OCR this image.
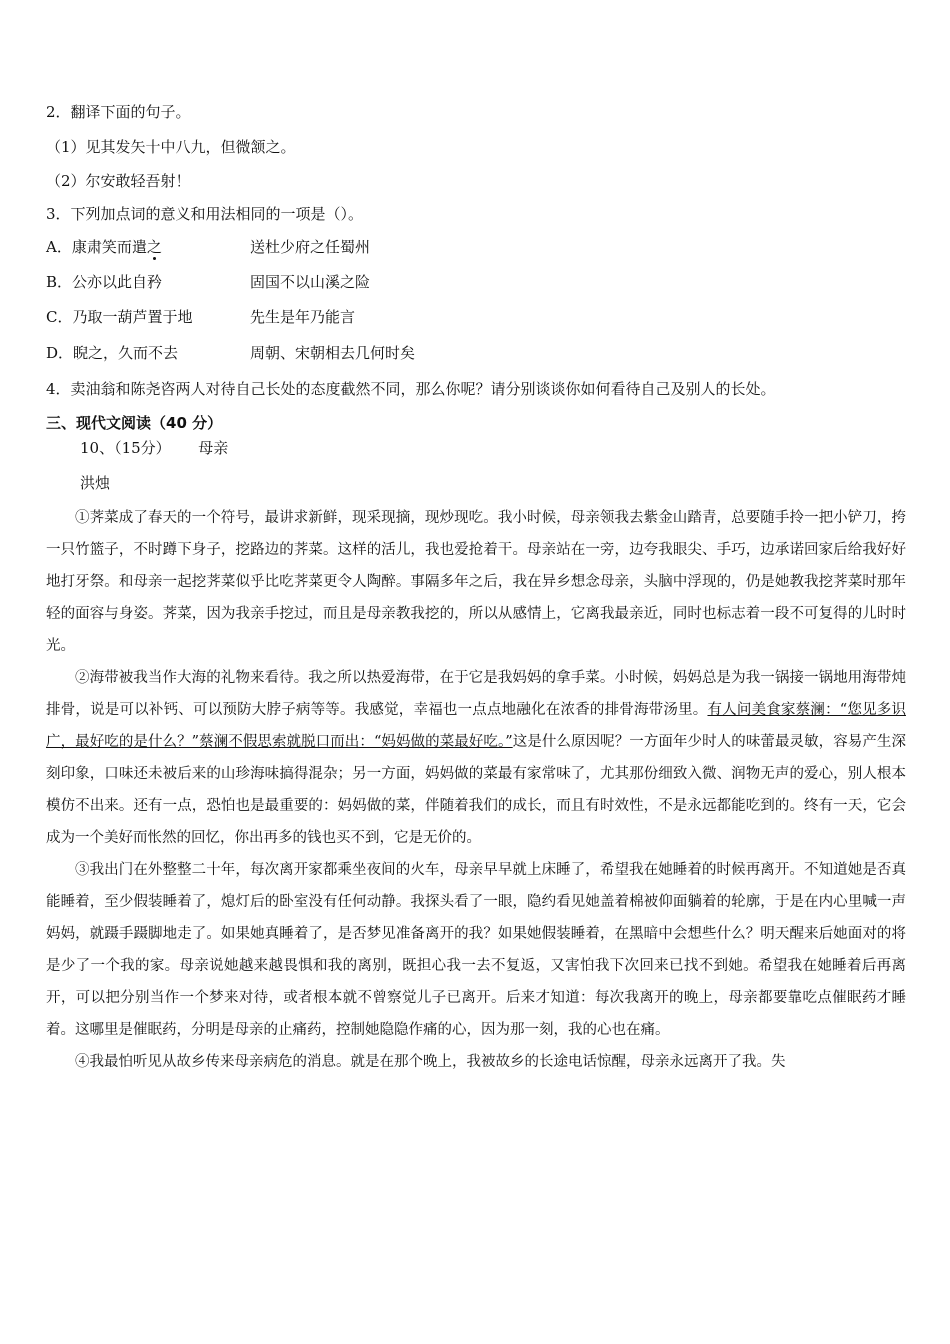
2．翻译下面的句子。
（1）见其发矢十中八九，但微颔之。
（2）尔安敢轻吾射！
3．下列加点词的意义和用法相同的一项是（）。
A．康肃笑而遣之	送杜少府之任蜀州
B．公亦以此自矜	固国不以山溪之险
C．乃取一葫芦置于地	先生是年乃能言
D．睨之，久而不去	周朝、宋朝相去几何时矣
4．卖油翁和陈尧咨两人对待自己长处的态度截然不同，那么你呢？请分别谈谈你如何看待自己及别人的长处。
三、现代文阅读（40 分）
10、（15分） 母亲
洪烛

①荠菜成了春天的一个符号，最讲求新鲜，现采现摘，现炒现吃。我小时候，母亲领我去紫金山踏青，总要随手拎一把小铲刀，挎一只竹篮子，不时蹲下身子，挖路边的荠菜。这样的活儿，我也爱抢着干。母亲站在一旁，边夸我眼尖、手巧，边承诺回家后给我好好地打牙祭。和母亲一起挖荠菜似乎比吃荠菜更令人陶醉。事隔多年之后，我在异乡想念母亲，头脑中浮现的，仍是她教我挖荠菜时那年轻的面容与身姿。荠菜，因为我亲手挖过，而且是母亲教我挖的，所以从感情上，它离我最亲近，同时也标志着一段不可复得的儿时时光。

②海带被我当作大海的礼物来看待。我之所以热爱海带，在于它是我妈妈的拿手菜。小时候，妈妈总是为我一锅接一锅地用海带炖排骨，说是可以补钙、可以预防大脖子病等等。我感觉，幸福也一点点地融化在浓香的排骨海带汤里。有人问美食家蔡澜：“您见多识广，最好吃的是什么？”蔡澜不假思索就脱口而出：“妈妈做的菜最好吃。”这是什么原因呢？一方面年少时人的味蕾最灵敏，容易产生深刻印象，口味还未被后来的山珍海味搞得混杂；另一方面，妈妈做的菜最有家常味了，尤其那份细致入微、润物无声的爱心，别人根本模仿不出来。还有一点，恐怕也是最重要的：妈妈做的菜，伴随着我们的成长，而且有时效性，不是永远都能吃到的。终有一天，它会成为一个美好而怅然的回忆，你出再多的钱也买不到，它是无价的。

③我出门在外整整二十年，每次离开家都乘坐夜间的火车，母亲早早就上床睡了，希望我在她睡着的时候再离开。不知道她是否真能睡着，至少假装睡着了，熄灯后的卧室没有任何动静。我探头看了一眼，隐约看见她盖着棉被仰面躺着的轮廓，于是在内心里喊一声妈妈，就蹑手蹑脚地走了。如果她真睡着了，是否梦见准备离开的我？如果她假装睡着，在黑暗中会想些什么？明天醒来后她面对的将是少了一个我的家。母亲说她越来越畏惧和我的离别，既担心我一去不复返，又害怕我下次回来已找不到她。希望我在她睡着后再离开，可以把分别当作一个梦来对待，或者根本就不曾察觉儿子已离开。后来才知道：每次我离开的晚上，母亲都要靠吃点催眠药才睡着。这哪里是催眠药，分明是母亲的止痛药，控制她隐隐作痛的心，因为那一刻，我的心也在痛。

④我最怕听见从故乡传来母亲病危的消息。就是在那个晚上，我被故乡的长途电话惊醒，母亲永远离开了我。失
